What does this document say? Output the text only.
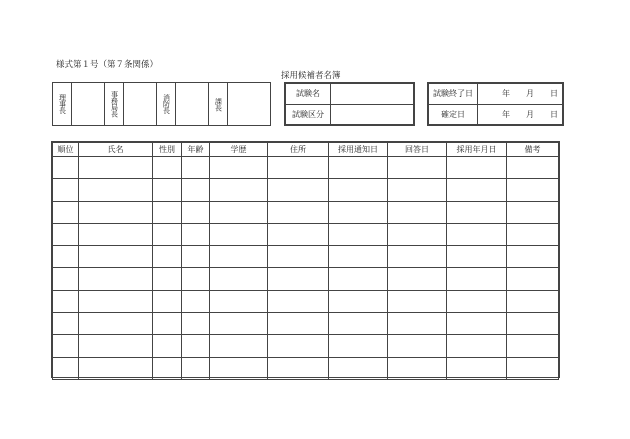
様式第１号（第７条関係）
採用候補者名簿
理事長	事務局長	消防長	課長
試験名	
試験区分	
試験終了日	年 月 日
確定日	年 月 日
順位	氏名	性別	年齢	学歴	住所	採用通知日	回答日	採用年月日	備考
